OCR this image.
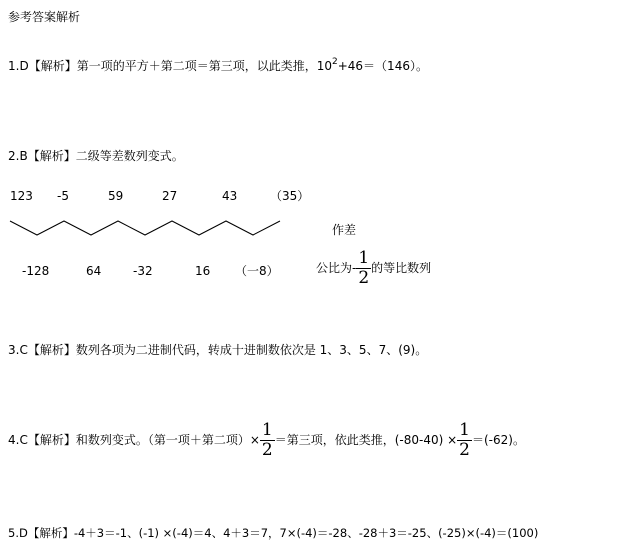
参考答案解析
1.D【解析】第一项的平方＋第二项＝第三项，以此类推，$10^2+46=(146)$。
2.B【解析】二级等差数列变式。
123 -5	59	27	43	（35）
作差
-128	64	-32	16 （一8）	公比为- $\frac{1}{2}$ 的等比数列
3.C【解析】数列各项为二进制代码，转成十进制数依次是 1、3、5、7、(9)。
4.C【解析】和数列变式。（第一项＋第二项）× $\frac{1}{2}$ ＝第三项，依此类推，$(-80-40) \times \frac{1}{2} =(-62)$。
5.D【解析】-4＋3＝-1、(-1) ×(-4)＝4、4＋3＝7，7×(-4)＝-28、-28＋3＝-25、(-25)×(-4)＝(100)
